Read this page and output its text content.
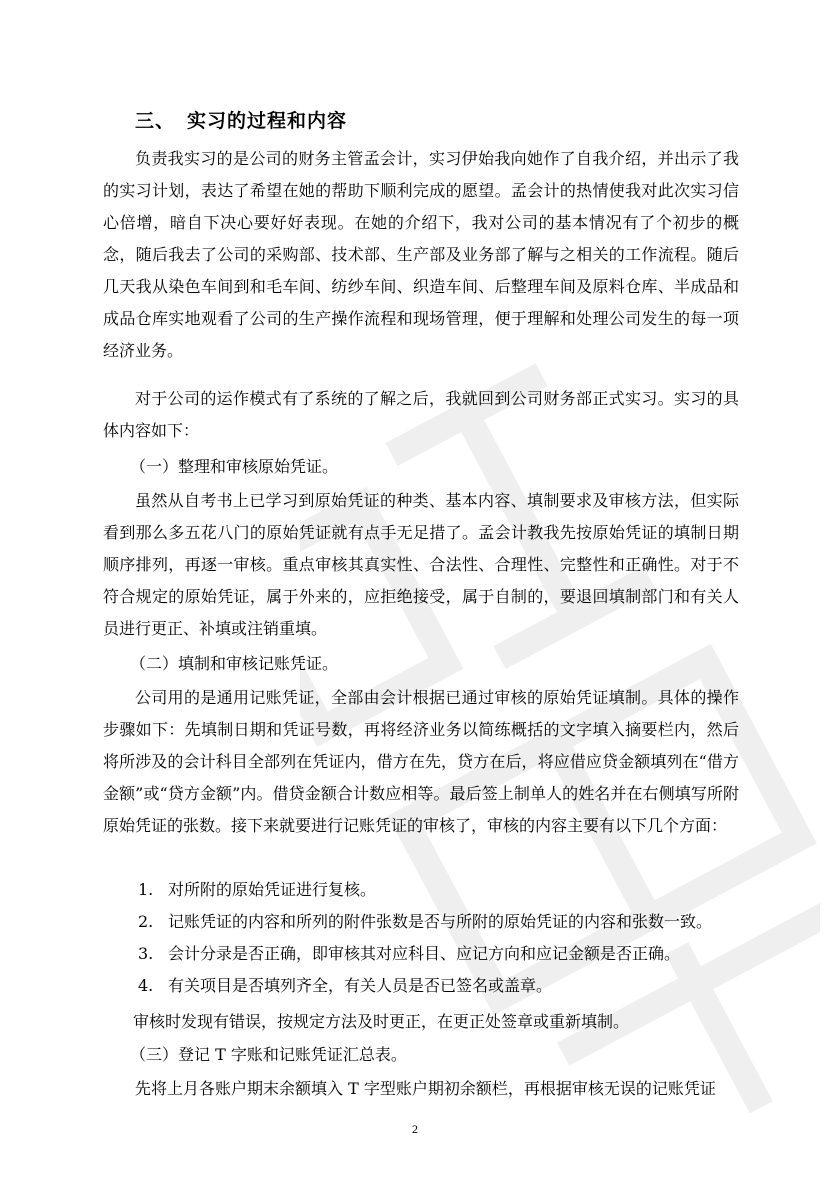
三、 实习的过程和内容
负责我实习的是公司的财务主管孟会计，实习伊始我向她作了自我介绍，并出示了我的实习计划，表达了希望在她的帮助下顺利完成的愿望。孟会计的热情使我对此次实习信心倍增，暗自下决心要好好表现。在她的介绍下，我对公司的基本情况有了个初步的概念，随后我去了公司的采购部、技术部、生产部及业务部了解与之相关的工作流程。随后几天我从染色车间到和毛车间、纺纱车间、织造车间、后整理车间及原料仓库、半成品和成品仓库实地观看了公司的生产操作流程和现场管理，便于理解和处理公司发生的每一项经济业务。
对于公司的运作模式有了系统的了解之后，我就回到公司财务部正式实习。实习的具体内容如下：
（一）整理和审核原始凭证。
虽然从自考书上已学习到原始凭证的种类、基本内容、填制要求及审核方法，但实际看到那么多五花八门的原始凭证就有点手无足措了。孟会计教我先按原始凭证的填制日期顺序排列，再逐一审核。重点审核其真实性、合法性、合理性、完整性和正确性。对于不符合规定的原始凭证，属于外来的，应拒绝接受，属于自制的，要退回填制部门和有关人员进行更正、补填或注销重填。
（二）填制和审核记账凭证。
公司用的是通用记账凭证，全部由会计根据已通过审核的原始凭证填制。具体的操作步骤如下：先填制日期和凭证号数，再将经济业务以简练概括的文字填入摘要栏内，然后将所涉及的会计科目全部列在凭证内，借方在先，贷方在后，将应借应贷金额填列在“借方金额”或“贷方金额”内。借贷金额合计数应相等。最后签上制单人的姓名并在右侧填写所附原始凭证的张数。接下来就要进行记账凭证的审核了，审核的内容主要有以下几个方面：
1. 对所附的原始凭证进行复核。
2. 记账凭证的内容和所列的附件张数是否与所附的原始凭证的内容和张数一致。
3. 会计分录是否正确，即审核其对应科目、应记方向和应记金额是否正确。
4. 有关项目是否填列齐全，有关人员是否已签名或盖章。
审核时发现有错误，按规定方法及时更正，在更正处签章或重新填制。
（三）登记 T 字账和记账凭证汇总表。
先将上月各账户期末余额填入 T 字型账户期初余额栏，再根据审核无误的记账凭证
2
